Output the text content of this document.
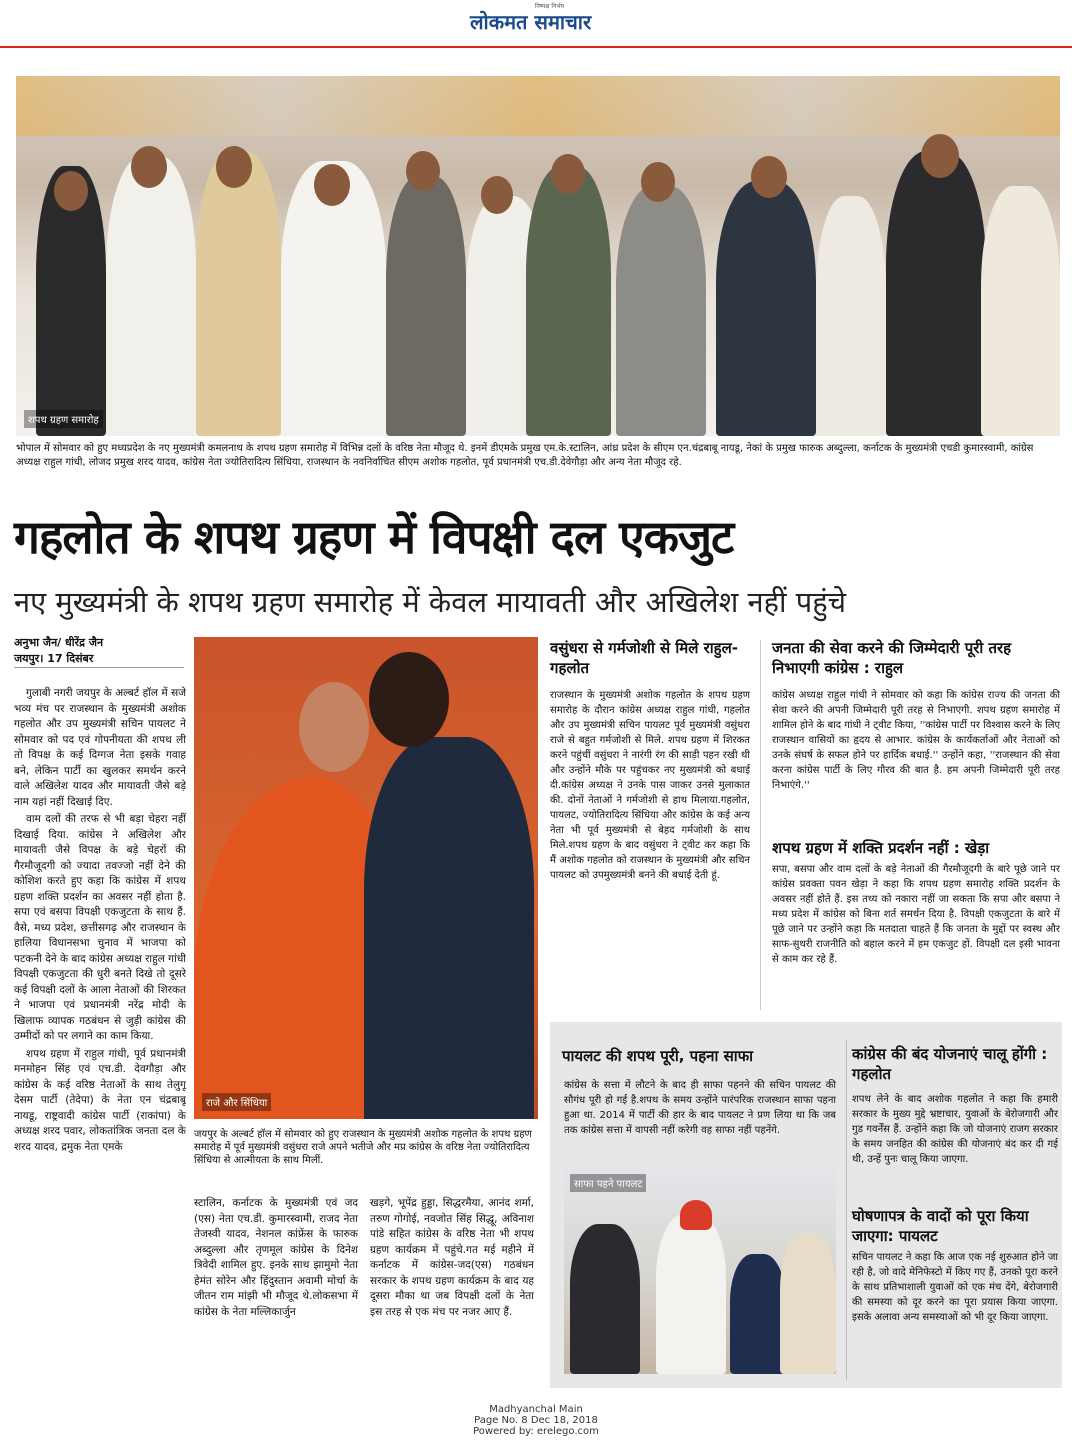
निष्पक्ष निर्भय
लोकमत समाचार
शपथ ग्रहण समारोह
भोपाल में सोमवार को हुए मध्यप्रदेश के नए मुख्यमंत्री कमलनाथ के शपथ ग्रहण समारोह में विभिन्न दलों के वरिष्ठ नेता मौजूद थे. इनमें डीएमके प्रमुख एम.के.स्टालिन, आंध्र प्रदेश के सीएम एन.चंद्रबाबू नायडू, नेकां के प्रमुख फारुक अब्दुल्ला, कर्नाटक के मुख्यमंत्री एचडी कुमारस्वामी, कांग्रेस अध्यक्ष राहुल गांधी, लोजद प्रमुख शरद यादव, कांग्रेस नेता ज्योतिरादित्य सिंधिया, राजस्थान के नवनिर्वाचित सीएम अशोक गहलोत, पूर्व प्रधानमंत्री एच.डी.देवेगौड़ा और अन्य नेता मौजूद रहे.
गहलोत के शपथ ग्रहण में विपक्षी दल एकजुट
नए मुख्यमंत्री के शपथ ग्रहण समारोह में केवल मायावती और अखिलेश नहीं पहुंचे
अनुभा जैन/ धीरेंद्र जैन
जयपुर। 17 दिसंबर

गुलाबी नगरी जयपुर के अल्बर्ट हॉल में सजे भव्य मंच पर राजस्थान के मुख्यमंत्री अशोक गहलोत और उप मुख्यमंत्री सचिन पायलट ने सोमवार को पद एवं गोपनीयता की शपथ ली तो विपक्ष के कई दिग्गज नेता इसके गवाह बने, लेकिन पार्टी का खुलकर समर्थन करने वाले अखिलेश यादव और मायावती जैसे बड़े नाम यहां नहीं दिखाई दिए.

वाम दलों की तरफ से भी बड़ा चेहरा नहीं दिखाई दिया. कांग्रेस ने अखिलेश और मायावती जैसे विपक्ष के बड़े चेहरों की गैरमौजूदगी को ज्यादा तवज्जो नहीं देने की कोशिश करते हुए कहा कि कांग्रेस में शपथ ग्रहण शक्ति प्रदर्शन का अवसर नहीं होता है. सपा एवं बसपा विपक्षी एकजुटता के साथ हैं. वैसे, मध्य प्रदेश, छत्तीसगढ़ और राजस्थान के हालिया विधानसभा चुनाव में भाजपा को पटकनी देने के बाद कांग्रेस अध्यक्ष राहुल गांधी विपक्षी एकजुटता की धुरी बनते दिखे तो दूसरे कई विपक्षी दलों के आला नेताओं की शिरकत ने भाजपा एवं प्रधानमंत्री नरेंद्र मोदी के खिलाफ व्यापक गठबंधन से जुड़ी कांग्रेस की उम्मीदों को पर लगाने का काम किया.

शपथ ग्रहण में राहुल गांधी, पूर्व प्रधानमंत्री मनमोहन सिंह एवं एच.डी. देवगौड़ा और कांग्रेस के कई वरिष्ठ नेताओं के साथ तेलुगू देसम पार्टी (तेदेपा) के नेता एन चंद्रबाबू नायडू, राष्ट्रवादी कांग्रेस पार्टी (राकांपा) के अध्यक्ष शरद पवार, लोकतांत्रिक जनता दल के शरद यादव, द्रमुक नेता एमके

राजे और सिंधिया
जयपुर के अल्बर्ट हॉल में सोमवार को हुए राजस्थान के मुख्यमंत्री अशोक गहलोत के शपथ ग्रहण समारोह में पूर्व मुख्यमंत्री वसुंधरा राजे अपने भतीजे और मप्र कांग्रेस के वरिष्ठ नेता ज्योतिरादित्य सिंधिया से आत्मीयता के साथ मिलीं.
स्टालिन, कर्नाटक के मुख्यमंत्री एवं जद (एस) नेता एच.डी. कुमारस्वामी, राजद नेता तेजस्वी यादव, नेशनल कांफ्रेंस के फारुक अब्दुल्ला और तृणमूल कांग्रेस के दिनेश त्रिवेदी शामिल हुए. इनके साथ झामुमो नेता हेमंत सोरेन और हिंदुस्तान अवामी मोर्चा के जीतन राम मांझी भी मौजूद थे.लोकसभा में कांग्रेस के नेता मल्लिकार्जुन
खड़गे, भूपेंद्र हुड्डा, सिद्धरमैया, आनंद शर्मा, तरुण गोगोई, नवजोत सिंह सिद्धू, अविनाश पांडे सहित कांग्रेस के वरिष्ठ नेता भी शपथ ग्रहण कार्यक्रम में पहुंचे.गत मई महीने में कर्नाटक में कांग्रेस-जद(एस) गठबंधन सरकार के शपथ ग्रहण कार्यक्रम के बाद यह दूसरा मौका था जब विपक्षी दलों के नेता इस तरह से एक मंच पर नजर आए हैं.
वसुंधरा से गर्मजोशी से मिले राहुल-गहलोत
राजस्थान के मुख्यमंत्री अशोक गहलोत के शपथ ग्रहण समारोह के दौरान कांग्रेस अध्यक्ष राहुल गांधी, गहलोत और उप मुख्यमंत्री सचिन पायलट पूर्व मुख्यमंत्री वसुंधरा राजे से बहुत गर्मजोशी से मिले. शपथ ग्रहण में शिरकत करने पहुंचीं वसुंधरा ने नारंगी रंग की साड़ी पहन रखी थी और उन्होंने मौके पर पहुंचकर नए मुख्यमंत्री को बधाई दी.कांग्रेस अध्यक्ष ने उनके पास जाकर उनसे मुलाकात की. दोनों नेताओं ने गर्मजोशी से हाथ मिलाया.गहलोत, पायलट, ज्योतिरादित्य सिंधिया और कांग्रेस के कई अन्य नेता भी पूर्व मुख्यमंत्री से बेहद गर्मजोशी के साथ मिले.शपथ ग्रहण के बाद वसुंधरा ने ट्वीट कर कहा कि मैं अशोक गहलोत को राजस्थान के मुख्यमंत्री और सचिन पायलट को उपमुख्यमंत्री बनने की बधाई देती हूं.
जनता की सेवा करने की जिम्मेदारी पूरी तरह निभाएगी कांग्रेस : राहुल
कांग्रेस अध्यक्ष राहुल गांधी ने सोमवार को कहा कि कांग्रेस राज्य की जनता की सेवा करने की अपनी जिम्मेदारी पूरी तरह से निभाएगी. शपथ ग्रहण समारोह में शामिल होने के बाद गांधी ने ट्वीट किया, ''कांग्रेस पार्टी पर विश्वास करने के लिए राजस्थान वासियों का हृदय से आभार. कांग्रेस के कार्यकर्ताओं और नेताओं को उनके संघर्ष के सफल होने पर हार्दिक बधाई.'' उन्होंने कहा, ''राजस्थान की सेवा करना कांग्रेस पार्टी के लिए गौरव की बात है. हम अपनी जिम्मेदारी पूरी तरह निभाएंगे.''
शपथ ग्रहण में शक्ति प्रदर्शन नहीं : खेड़ा
सपा, बसपा और वाम दलों के बड़े नेताओं की गैरमौजूदगी के बारे पूछे जाने पर कांग्रेस प्रवक्ता पवन खेड़ा ने कहा कि शपथ ग्रहण समारोह शक्ति प्रदर्शन के अवसर नहीं होते हैं. इस तथ्य को नकारा नहीं जा सकता कि सपा और बसपा ने मध्य प्रदेश में कांग्रेस को बिना शर्त समर्थन दिया है. विपक्षी एकजुटता के बारे में पूछे जाने पर उन्होंने कहा कि मतदाता चाहते हैं कि जनता के मुद्दों पर स्वस्थ और साफ-सुथरी राजनीति को बहाल करने में हम एकजुट हों. विपक्षी दल इसी भावना से काम कर रहे हैं.
पायलट की शपथ पूरी, पहना साफा
कांग्रेस के सत्ता में लौटने के बाद ही साफा पहनने की सचिन पायलट की सौगंध पूरी हो गई है.शपथ के समय उन्होंने पारंपरिक राजस्थान साफा पहना हुआ था. 2014 में पार्टी की हार के बाद पायलट ने प्रण लिया था कि जब तक कांग्रेस सत्ता में वापसी नहीं करेगी वह साफा नहीं पहनेंगे.
साफा पहने पायलट
कांग्रेस की बंद योजनाएं चालू होंगी : गहलोत
शपथ लेने के बाद अशोक गहलोत ने कहा कि हमारी सरकार के मुख्य मुद्दे भ्रष्टाचार, युवाओं के बेरोजगारी और गुड गवर्नेंस हैं. उन्होंने कहा कि जो योजनाएं राजग सरकार के समय जनहित की कांग्रेस की योजनाएं बंद कर दी गई थी, उन्हें पुनः चालू किया जाएगा.
घोषणापत्र के वादों को पूरा किया जाएगा: पायलट
सचिन पायलट ने कहा कि आज एक नई शुरुआत होने जा रही है, जो वादे मेनिफेस्टो में किए गए हैं, उनको पूरा करने के साथ प्रतिभाशाली युवाओं को एक मंच देंगे, बेरोजगारी की समस्या को दूर करने का पूरा प्रयास किया जाएगा. इसके अलावा अन्य समस्याओं को भी दूर किया जाएगा.
Madhyanchal Main
Page No. 8 Dec 18, 2018
Powered by: erelego.com
